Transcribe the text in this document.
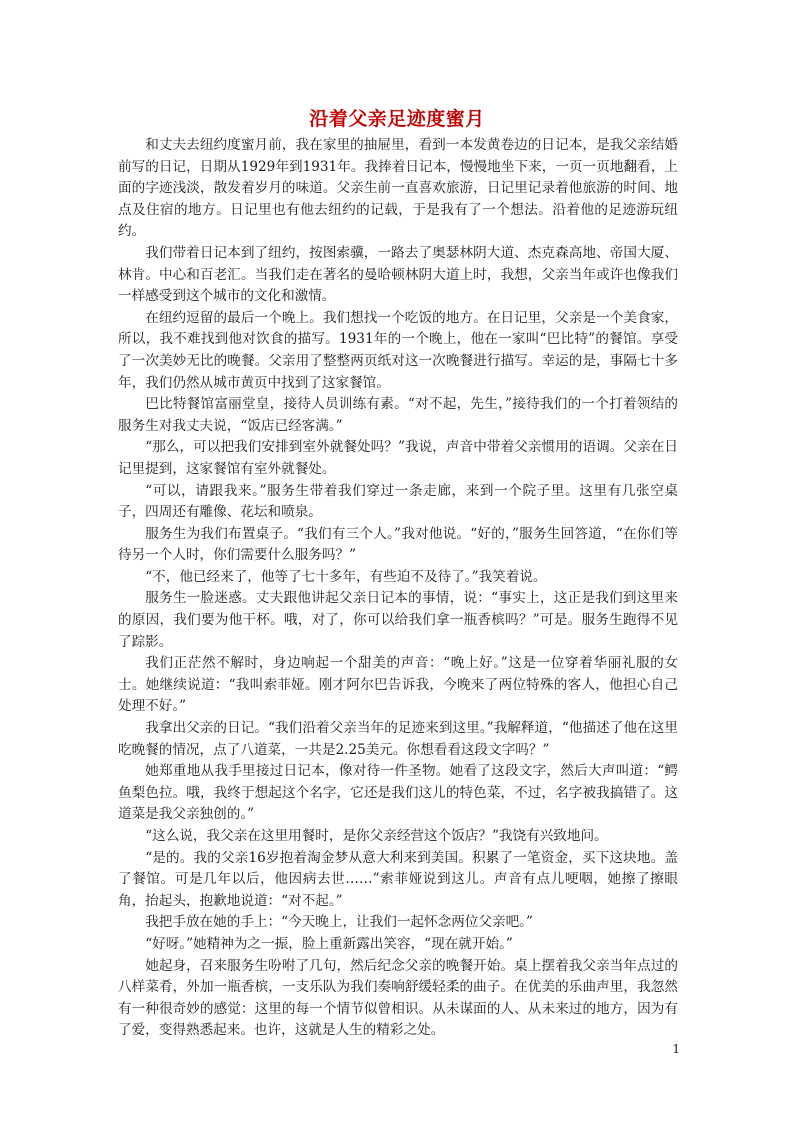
沿着父亲足迹度蜜月

和丈夫去纽约度蜜月前，我在家里的抽屉里，看到一本发黄卷边的日记本，是我父亲结婚前写的日记，日期从1929年到1931年。我捧着日记本，慢慢地坐下来，一页一页地翻看，上面的字迹浅淡，散发着岁月的味道。父亲生前一直喜欢旅游，日记里记录着他旅游的时间、地点及住宿的地方。日记里也有他去纽约的记载，于是我有了一个想法。沿着他的足迹游玩纽约。

我们带着日记本到了纽约，按图索骥，一路去了奥瑟林阴大道、杰克森高地、帝国大厦、林肯。中心和百老汇。当我们走在著名的曼哈顿林阴大道上时，我想，父亲当年或许也像我们一样感受到这个城市的文化和激情。

在纽约逗留的最后一个晚上。我们想找一个吃饭的地方。在日记里，父亲是一个美食家，所以，我不难找到他对饮食的描写。1931年的一个晚上，他在一家叫“巴比特”的餐馆。享受了一次美妙无比的晚餐。父亲用了整整两页纸对这一次晚餐进行描写。幸运的是，事隔七十多年，我们仍然从城市黄页中找到了这家餐馆。

巴比特餐馆富丽堂皇，接待人员训练有素。“对不起，先生，”接待我们的一个打着领结的服务生对我丈夫说，“饭店已经客满。”

“那么，可以把我们安排到室外就餐处吗？”我说，声音中带着父亲惯用的语调。父亲在日记里提到，这家餐馆有室外就餐处。

“可以，请跟我来。”服务生带着我们穿过一条走廊，来到一个院子里。这里有几张空桌子，四周还有雕像、花坛和喷泉。

服务生为我们布置桌子。“我们有三个人。”我对他说。“好的，”服务生回答道，“在你们等待另一个人时，你们需要什么服务吗？”

“不，他已经来了，他等了七十多年，有些迫不及待了。”我笑着说。

服务生一脸迷惑。丈夫跟他讲起父亲日记本的事情，说：“事实上，这正是我们到这里来的原因，我们要为他干杯。哦，对了，你可以给我们拿一瓶香槟吗？”可是。服务生跑得不见了踪影。

我们正茫然不解时，身边响起一个甜美的声音：“晚上好。”这是一位穿着华丽礼服的女士。她继续说道：“我叫索菲娅。刚才阿尔巴告诉我，今晚来了两位特殊的客人，他担心自己处理不好。”

我拿出父亲的日记。“我们沿着父亲当年的足迹来到这里。”我解释道，“他描述了他在这里吃晚餐的情况，点了八道菜，一共是2.25美元。你想看看这段文字吗？”

她郑重地从我手里接过日记本，像对待一件圣物。她看了这段文字，然后大声叫道：“鳄鱼梨色拉。哦，我终于想起这个名字，它还是我们这儿的特色菜，不过，名字被我搞错了。这道菜是我父亲独创的。”

“这么说，我父亲在这里用餐时，是你父亲经营这个饭店？”我饶有兴致地问。

“是的。我的父亲16岁抱着淘金梦从意大利来到美国。积累了一笔资金，买下这块地。盖了餐馆。可是几年以后，他因病去世……”索菲娅说到这儿。声音有点儿哽咽，她擦了擦眼角，抬起头，抱歉地说道：“对不起。”

我把手放在她的手上：“今天晚上，让我们一起怀念两位父亲吧。”

“好呀。”她精神为之一振，脸上重新露出笑容，“现在就开始。”

她起身，召来服务生吩咐了几句，然后纪念父亲的晚餐开始。桌上摆着我父亲当年点过的八样菜肴，外加一瓶香槟，一支乐队为我们奏响舒缓轻柔的曲子。在优美的乐曲声里，我忽然有一种很奇妙的感觉：这里的每一个情节似曾相识。从未谋面的人、从未来过的地方，因为有了爱，变得熟悉起来。也许，这就是人生的精彩之处。

1
